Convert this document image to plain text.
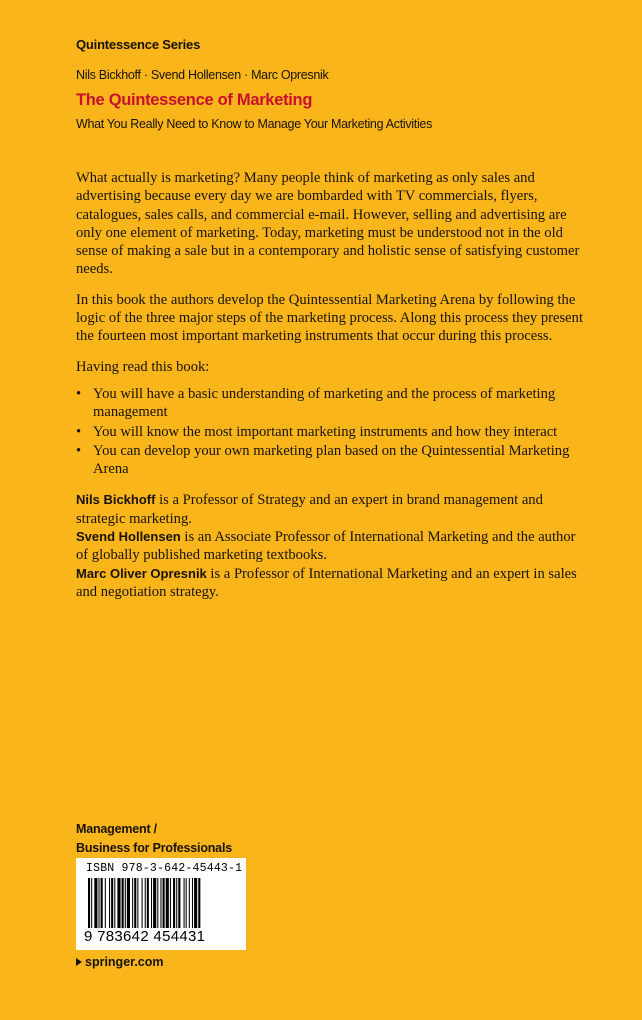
Quintessence Series
Nils Bickhoff · Svend Hollensen · Marc Opresnik
The Quintessence of Marketing
What You Really Need to Know to Manage Your Marketing Activities

What actually is marketing? Many people think of marketing as only sales and advertising because every day we are bombarded with TV commercials, flyers, catalogues, sales calls, and commercial e-mail. However, selling and advertising are only one element of marketing. Today, marketing must be understood not in the old sense of making a sale but in a contemporary and holistic sense of satisfying customer needs.

In this book the authors develop the Quintessential Marketing Arena by following the logic of the three major steps of the marketing process. Along this process they present the fourteen most important marketing instruments that occur during this process.

Having read this book:

• You will have a basic understanding of marketing and the process of marketing management
• You will know the most important marketing instruments and how they interact
• You can develop your own marketing plan based on the Quintessential Marketing Arena

Nils Bickhoff is a Professor of Strategy and an expert in brand management and strategic marketing.

Svend Hollensen is an Associate Professor of International Marketing and the author of globally published marketing textbooks.

Marc Oliver Opresnik is a Professor of International Marketing and an expert in sales and negotiation strategy.

Management /
Business for Professionals
ISBN 978-3-642-45443-1
9 783642 454431
springer.com
